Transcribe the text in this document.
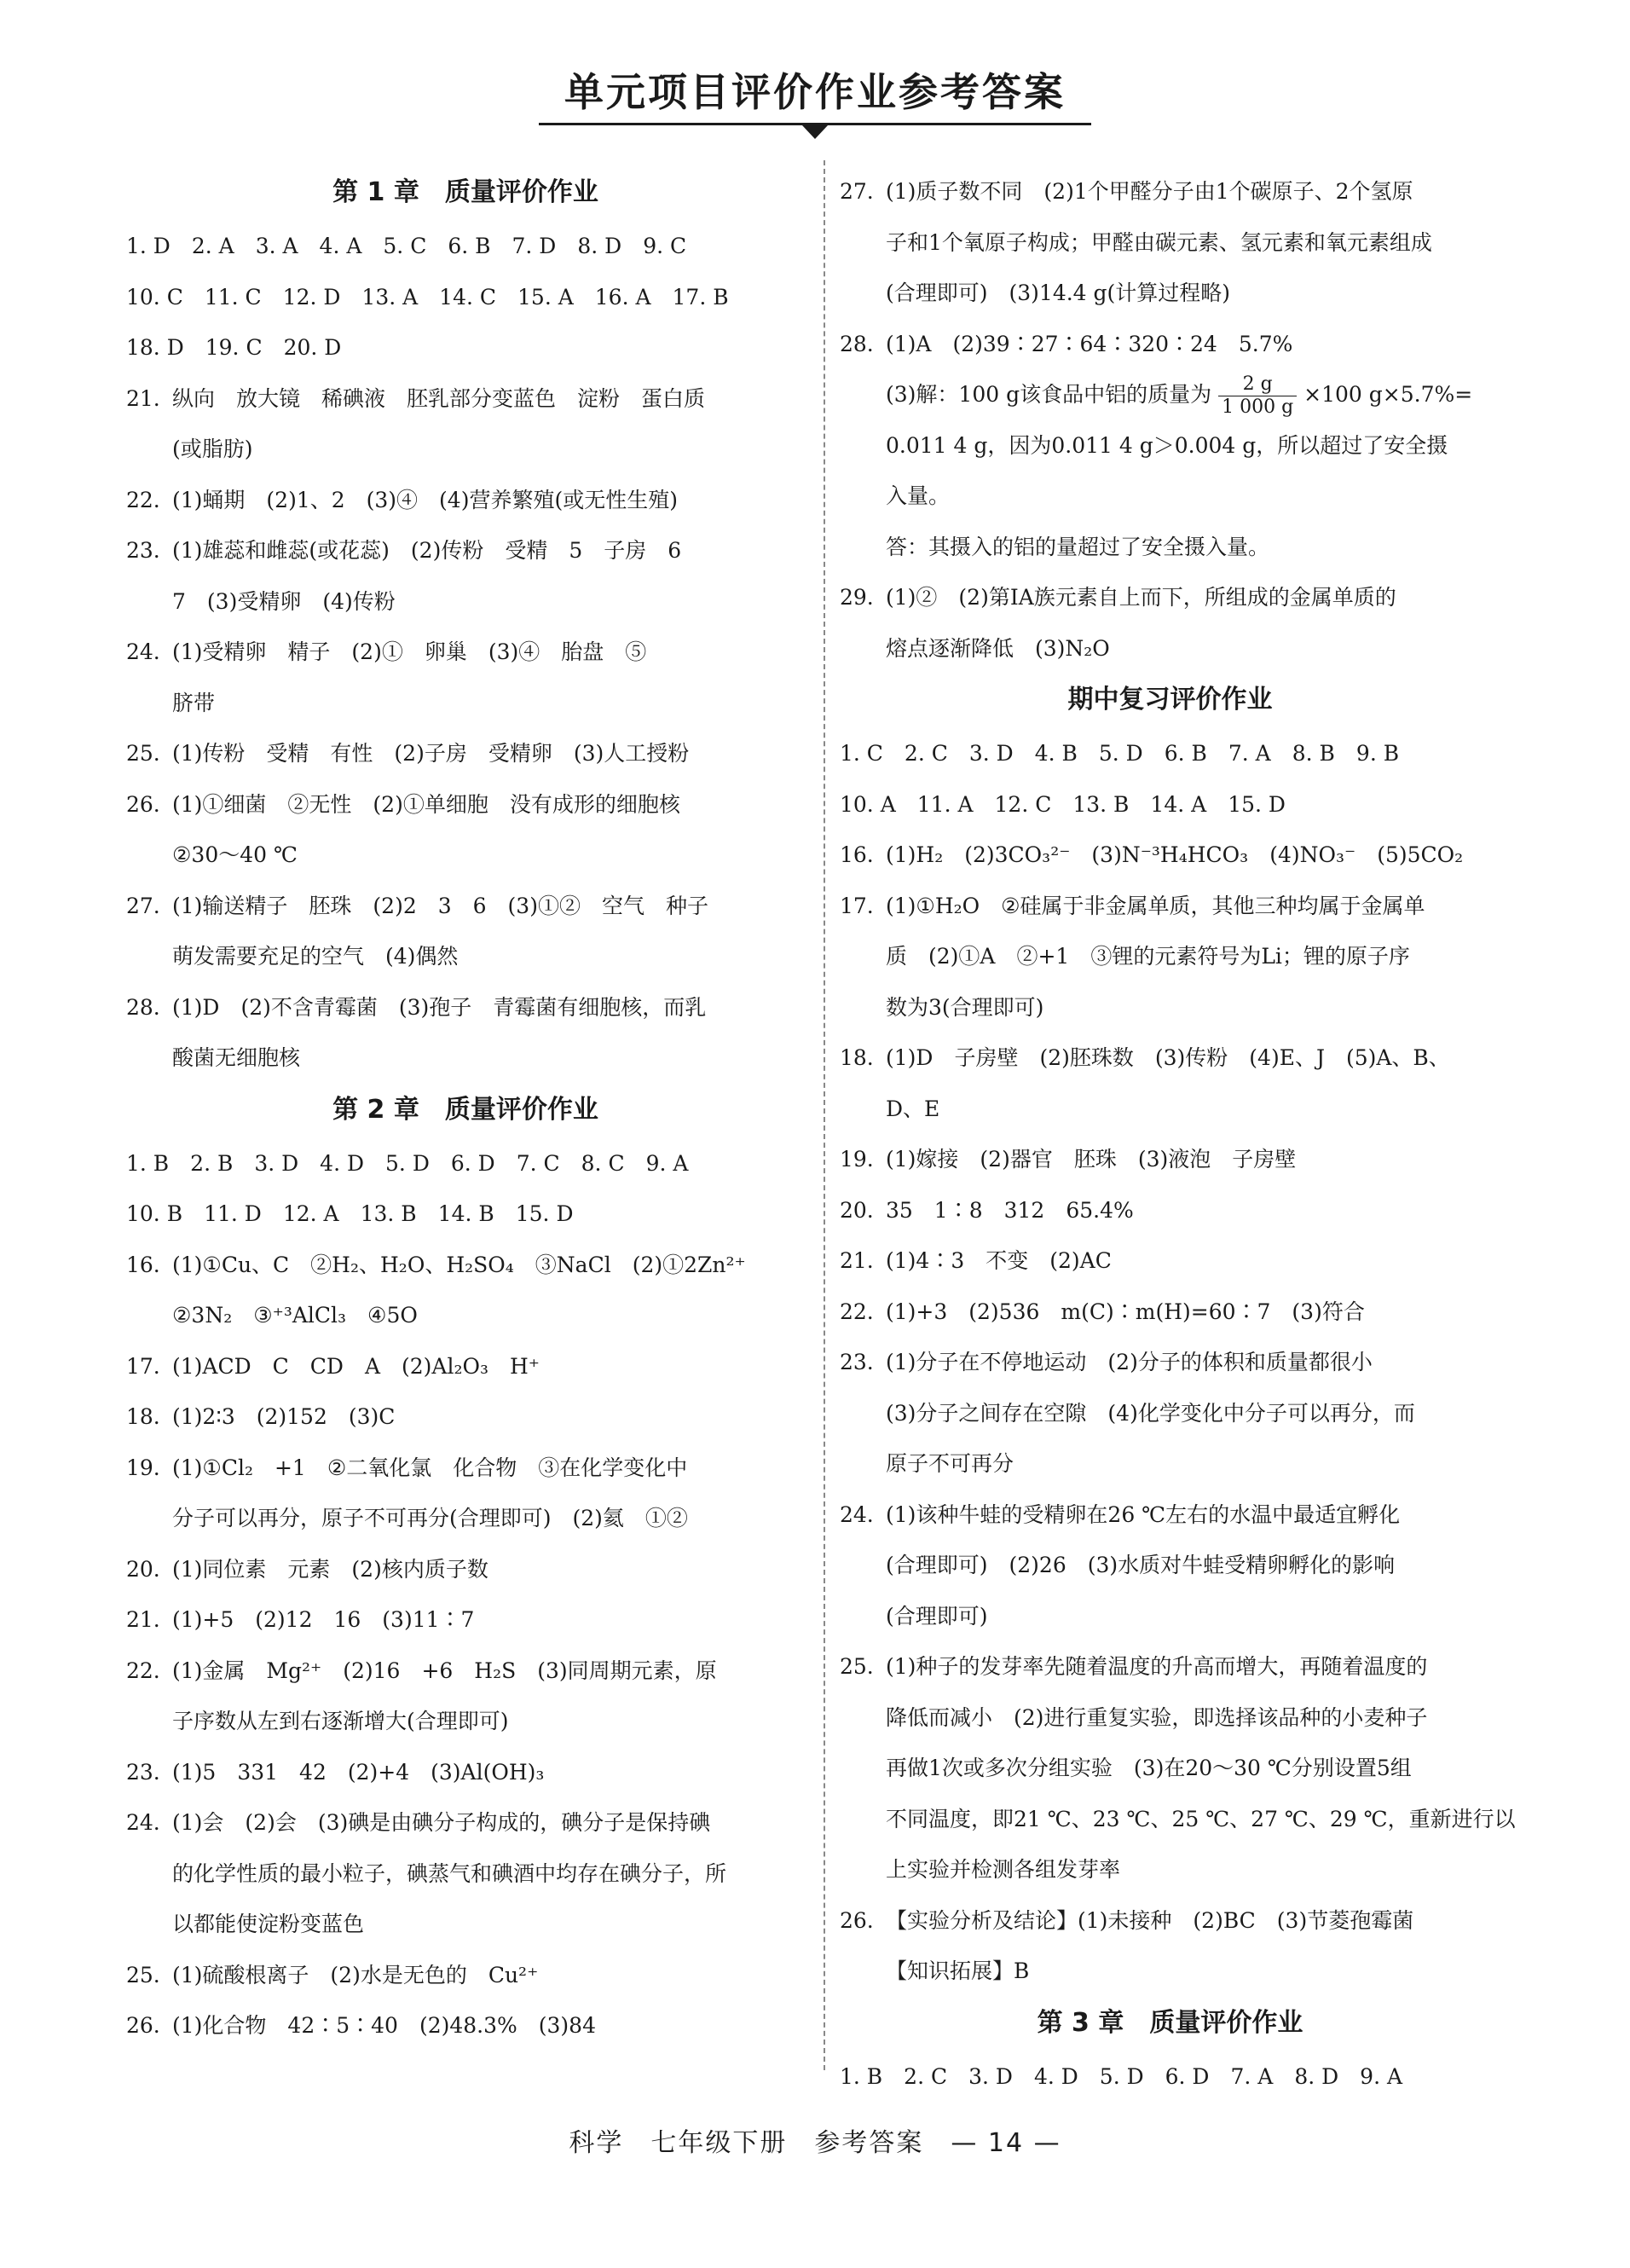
单元项目评价作业参考答案
第 1 章　质量评价作业
1. D　2. A　3. A　4. A　5. C　6. B　7. D　8. D　9. C
10. C　11. C　12. D　13. A　14. C　15. A　16. A　17. B
18. D　19. C　20. D
21. 纵向　放大镜　稀碘液　胚乳部分变蓝色　淀粉　蛋白质
(或脂肪)
22. (1)蛹期　(2)1、2　(3)④　(4)营养繁殖(或无性生殖)
23. (1)雄蕊和雌蕊(或花蕊)　(2)传粉　受精　5　子房　6
7　(3)受精卵　(4)传粉
24. (1)受精卵　精子　(2)①　卵巢　(3)④　胎盘　⑤
脐带
25. (1)传粉　受精　有性　(2)子房　受精卵　(3)人工授粉
26. (1)①细菌　②无性　(2)①单细胞　没有成形的细胞核
②30～40 ℃
27. (1)输送精子　胚珠　(2)2　3　6　(3)①②　空气　种子
萌发需要充足的空气　(4)偶然
28. (1)D　(2)不含青霉菌　(3)孢子　青霉菌有细胞核，而乳
酸菌无细胞核
第 2 章　质量评价作业
1. B　2. B　3. D　4. D　5. D　6. D　7. C　8. C　9. A
10. B　11. D　12. A　13. B　14. B　15. D
16. (1)①Cu、C　②H₂、H₂O、H₂SO₄　③NaCl　(2)①2Zn²⁺
②3N₂　③⁺³AlCl₃　④5O
17. (1)ACD　C　CD　A　(2)Al₂O₃　H⁺
18. (1)2∶3　(2)152　(3)C
19. (1)①Cl₂　+1　②二氧化氯　化合物　③在化学变化中
分子可以再分，原子不可再分(合理即可)　(2)氦　①②
20. (1)同位素　元素　(2)核内质子数
21. (1)+5　(2)12　16　(3)11∶7
22. (1)金属　Mg²⁺　(2)16　+6　H₂S　(3)同周期元素，原
子序数从左到右逐渐增大(合理即可)
23. (1)5　331　42　(2)+4　(3)Al(OH)₃
24. (1)会　(2)会　(3)碘是由碘分子构成的，碘分子是保持碘
的化学性质的最小粒子，碘蒸气和碘酒中均存在碘分子，所
以都能使淀粉变蓝色
25. (1)硫酸根离子　(2)水是无色的　Cu²⁺
26. (1)化合物　42∶5∶40　(2)48.3%　(3)84
27. (1)质子数不同　(2)1个甲醛分子由1个碳原子、2个氢原
子和1个氧原子构成；甲醛由碳元素、氢元素和氧元素组成
(合理即可)　(3)14.4 g(计算过程略)
28. (1)A　(2)39∶27∶64∶320∶24　5.7%
(3)解：100 g该食品中铝的质量为 $\frac{2 g}{1 000 g} \times 100$ g×5.7%=
0.011 4 g，因为0.011 4 g＞0.004 g，所以超过了安全摄
入量。
答：其摄入的铝的量超过了安全摄入量。
29. (1)②　(2)第ⅠA族元素自上而下，所组成的金属单质的
熔点逐渐降低　(3)N₂O
期中复习评价作业
1. C　2. C　3. D　4. B　5. D　6. B　7. A　8. B　9. B
10. A　11. A　12. C　13. B　14. A　15. D
16. (1)H₂　(2)3CO₃²⁻　(3)N⁻³H₄HCO₃　(4)NO₃⁻　(5)5CO₂
17. (1)①H₂O　②硅属于非金属单质，其他三种均属于金属单
质　(2)①A　②+1　③锂的元素符号为Li；锂的原子序
数为3(合理即可)
18. (1)D　子房壁　(2)胚珠数　(3)传粉　(4)E、J　(5)A、B、
D、E
19. (1)嫁接　(2)器官　胚珠　(3)液泡　子房壁
20. 35　1∶8　312　65.4%
21. (1)4∶3　不变　(2)AC
22. (1)+3　(2)536　m(C)∶m(H)=60∶7　(3)符合
23. (1)分子在不停地运动　(2)分子的体积和质量都很小
(3)分子之间存在空隙　(4)化学变化中分子可以再分，而
原子不可再分
24. (1)该种牛蛙的受精卵在26 ℃左右的水温中最适宜孵化
(合理即可)　(2)26　(3)水质对牛蛙受精卵孵化的影响
(合理即可)
25. (1)种子的发芽率先随着温度的升高而增大，再随着温度的
降低而减小　(2)进行重复实验，即选择该品种的小麦种子
再做1次或多次分组实验　(3)在20～30 ℃分别设置5组
不同温度，即21 ℃、23 ℃、25 ℃、27 ℃、29 ℃，重新进行以
上实验并检测各组发芽率
26. 【实验分析及结论】(1)未接种　(2)BC　(3)节菱孢霉菌
【知识拓展】B
第 3 章　质量评价作业
1. B　2. C　3. D　4. D　5. D　6. D　7. A　8. D　9. A
科学　七年级下册　参考答案　— 14 —
